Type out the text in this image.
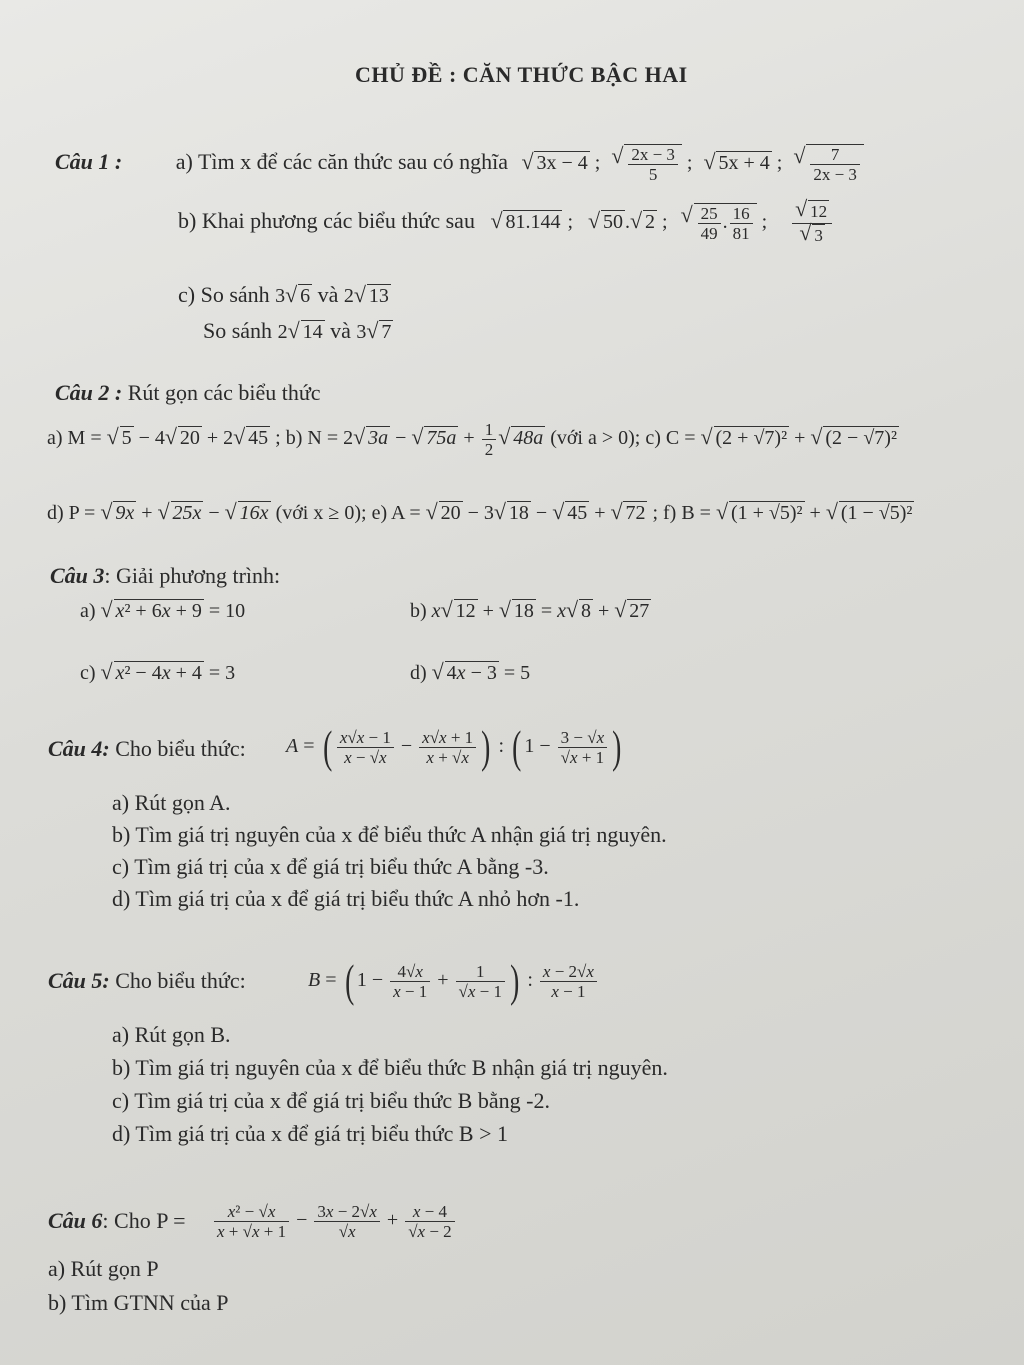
CHỦ ĐỀ : CĂN THỨC BẬC HAI
Câu 1 : a) Tìm x để các căn thức sau có nghĩa √ 3x − 4 ; √ $\frac{2x - 3}{5}$ ; √ 5x + 4 ; √ $\frac{7}{2x - 3}$
b) Khai phương các biểu thức sau √ 81.144 ; √ 50 . √ 2 ; √ $\frac{25}{49}$ . $\frac{16}{81}$ ; √ 12
√ 3
c) So sánh 3 √ 6 và 2 √ 13
So sánh 2 √ 14 và 3 √ 7
Câu 2 : Rút gọn các biểu thức
a) M = √ 5 − 4 √ 20 + 2 √ 45 ; b) N = 2 √ 3a − √ $75a + \frac{1}{2}$ √ 48a (với a > 0); c) C = √ (2 + √7)² + √ (2 − √7)²
d) P = √ 9x + √ 25x − √ 16x (với x ≥ 0); e) A = √ 20 − 3 √ 18 − √ 45 + √ 72 ; f) B = √ (1 + √5)² + √ (1 − √5)²
Câu 3: Giải phương trình:
a) √ x² + 6x + 9 = 10	b) x √ 12 + √ 18 = x √ 8 + √ 27
c) √ x² − 4x + 4 = 3	d) √ 4x − 3 = 5
Câu 4: Cho biểu thức: A = ( $\frac{x√x - 1}{x - √x} - \frac{x√x + 1}{x + √x}$ ) : ( $1 - \frac{3 - √x}{√x + 1}$ )
a) Rút gọn A.
b) Tìm giá trị nguyên của x để biểu thức A nhận giá trị nguyên.
c) Tìm giá trị của x để giá trị biểu thức A bằng -3.
d) Tìm giá trị của x để giá trị biểu thức A nhỏ hơn -1.
Câu 5: Cho biểu thức:	B = ( $1 - \frac{4√x}{x - 1} + \frac{1}{√x - 1}$ ) : $\frac{x - 2√x}{x - 1}$
a) Rút gọn B.
b) Tìm giá trị nguyên của x để biểu thức B nhận giá trị nguyên.
c) Tìm giá trị của x để giá trị biểu thức B bằng -2.
d) Tìm giá trị của x để giá trị biểu thức B > 1
Câu 6: Cho $P = \frac{\text{x² − √x}}{x + √x + 1} - \frac{3x - 2√x}{√x} + \frac{x - 4}{√x - 2}$
a) Rút gọn P
b) Tìm GTNN của P
